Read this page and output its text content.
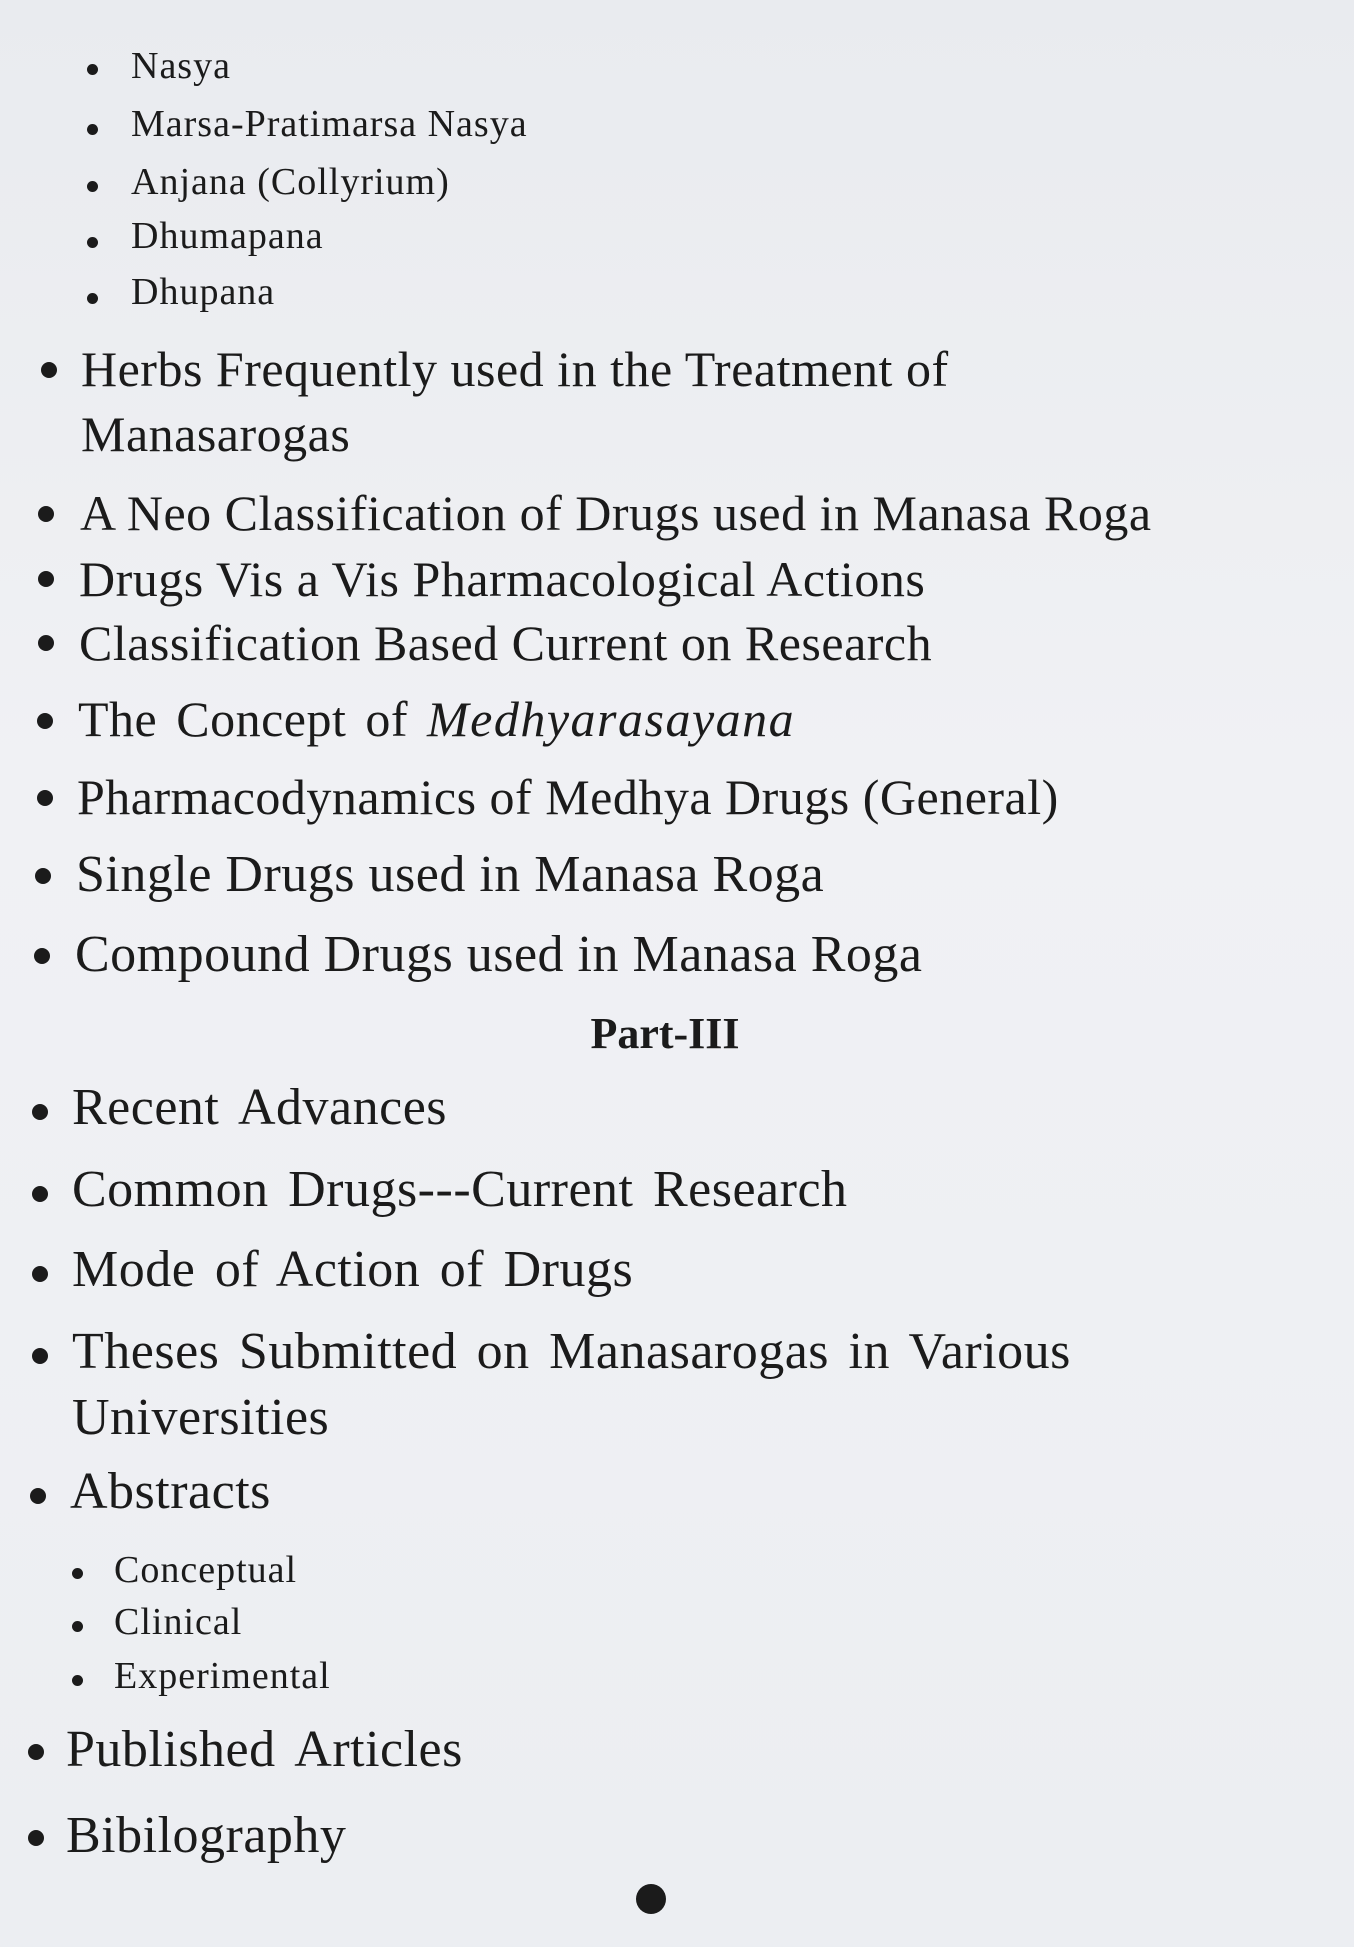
Nasya
Marsa-Pratimarsa Nasya
Anjana (Collyrium)
Dhumapana
Dhupana
Herbs Frequently used in the Treatment of
Manasarogas
A Neo Classification of Drugs used in Manasa Roga
Drugs Vis a Vis Pharmacological Actions
Classification Based Current on Research
The Concept of Medhyarasayana
Pharmacodynamics of Medhya Drugs (General)
Single Drugs used in Manasa Roga
Compound Drugs used in Manasa Roga
Part-III
Recent Advances
Common Drugs---Current Research
Mode of Action of Drugs
Theses Submitted on Manasarogas in Various
Universities
Abstracts
Conceptual
Clinical
Experimental
Published Articles
Bibilography
